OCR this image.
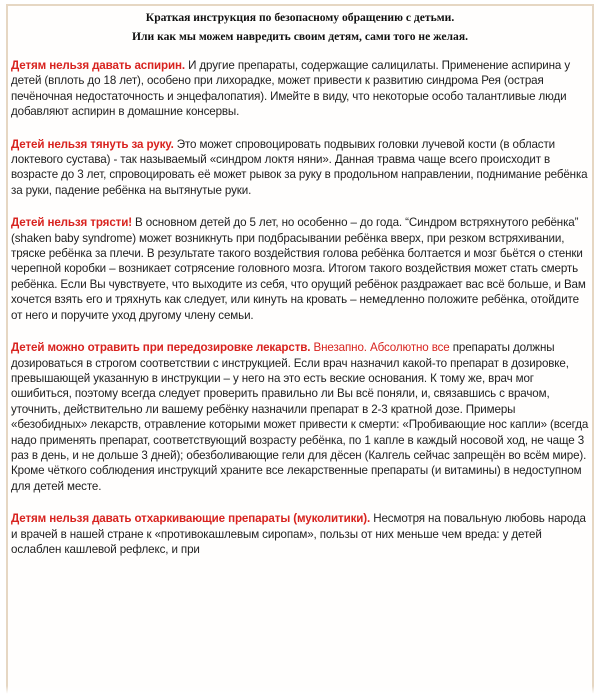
Краткая инструкция по безопасному обращению с детьми.
Или как мы можем навредить своим детям, сами того не желая.

Детям нельзя давать аспирин. И другие препараты, содержащие салицилаты. Применение аспирина у детей (вплоть до 18 лет), особено при лихорадке, может привести к развитию синдрома Рея (острая печёночная недостаточность и энцефалопатия). Имейте в виду, что некоторые особо талантливые люди добавляют аспирин в домашние консервы.

Детей нельзя тянуть за руку. Это может спровоцировать подвывих головки лучевой кости (в области локтевого сустава) - так называемый «синдром локтя няни». Данная травма чаще всего происходит в возрасте до 3 лет, спровоцировать её может рывок за руку в продольном направлении, поднимание ребёнка за руки, падение ребёнка на вытянутые руки.

Детей нельзя трясти! В основном детей до 5 лет, но особенно – до года. “Синдром встряхнутого ребёнка” (shaken baby syndrome) может возникнуть при подбрасывании ребёнка вверх, при резком встряхивании, тряске ребёнка за плечи. В результате такого воздействия голова ребёнка болтается и мозг бьётся о стенки черепной коробки – возникает сотрясение головного мозга. Итогом такого воздействия может стать смерть ребёнка. Если Вы чувствуете, что выходите из себя, что орущий ребёнок раздражает вас всё больше, и Вам хочется взять его и тряхнуть как следует, или кинуть на кровать – немедленно положите ребёнка, отойдите от него и поручите уход другому члену семьи.

Детей можно отравить при передозировке лекарств. Внезапно. Абсолютно все препараты должны дозироваться в строгом соответствии с инструкцией. Если врач назначил какой-то препарат в дозировке, превышающей указанную в инструкции – у него на это есть веские основания. К тому же, врач мог ошибиться, поэтому всегда следует проверить правильно ли Вы всё поняли, и, связавшись с врачом, уточнить, действительно ли вашему ребёнку назначили препарат в 2-3 кратной дозе. Примеры «безобидных» лекарств, отравление которыми может привести к смерти: «Пробивающие нос капли» (всегда надо применять препарат, соответствующий возрасту ребёнка, по 1 капле в каждый носовой ход, не чаще 3 раз в день, и не дольше 3 дней); обезболивающие гели для дёсен (Калгель сейчас запрещён во всём мире). Кроме чёткого соблюдения инструкций храните все лекарственные препараты (и витамины) в недоступном для детей месте.

Детям нельзя давать отхаркивающие препараты (муколитики). Несмотря на повальную любовь народа и врачей в нашей стране к «противокашлевым сиропам», пользы от них меньше чем вреда: у детей ослаблен кашлевой рефлекс, и при
